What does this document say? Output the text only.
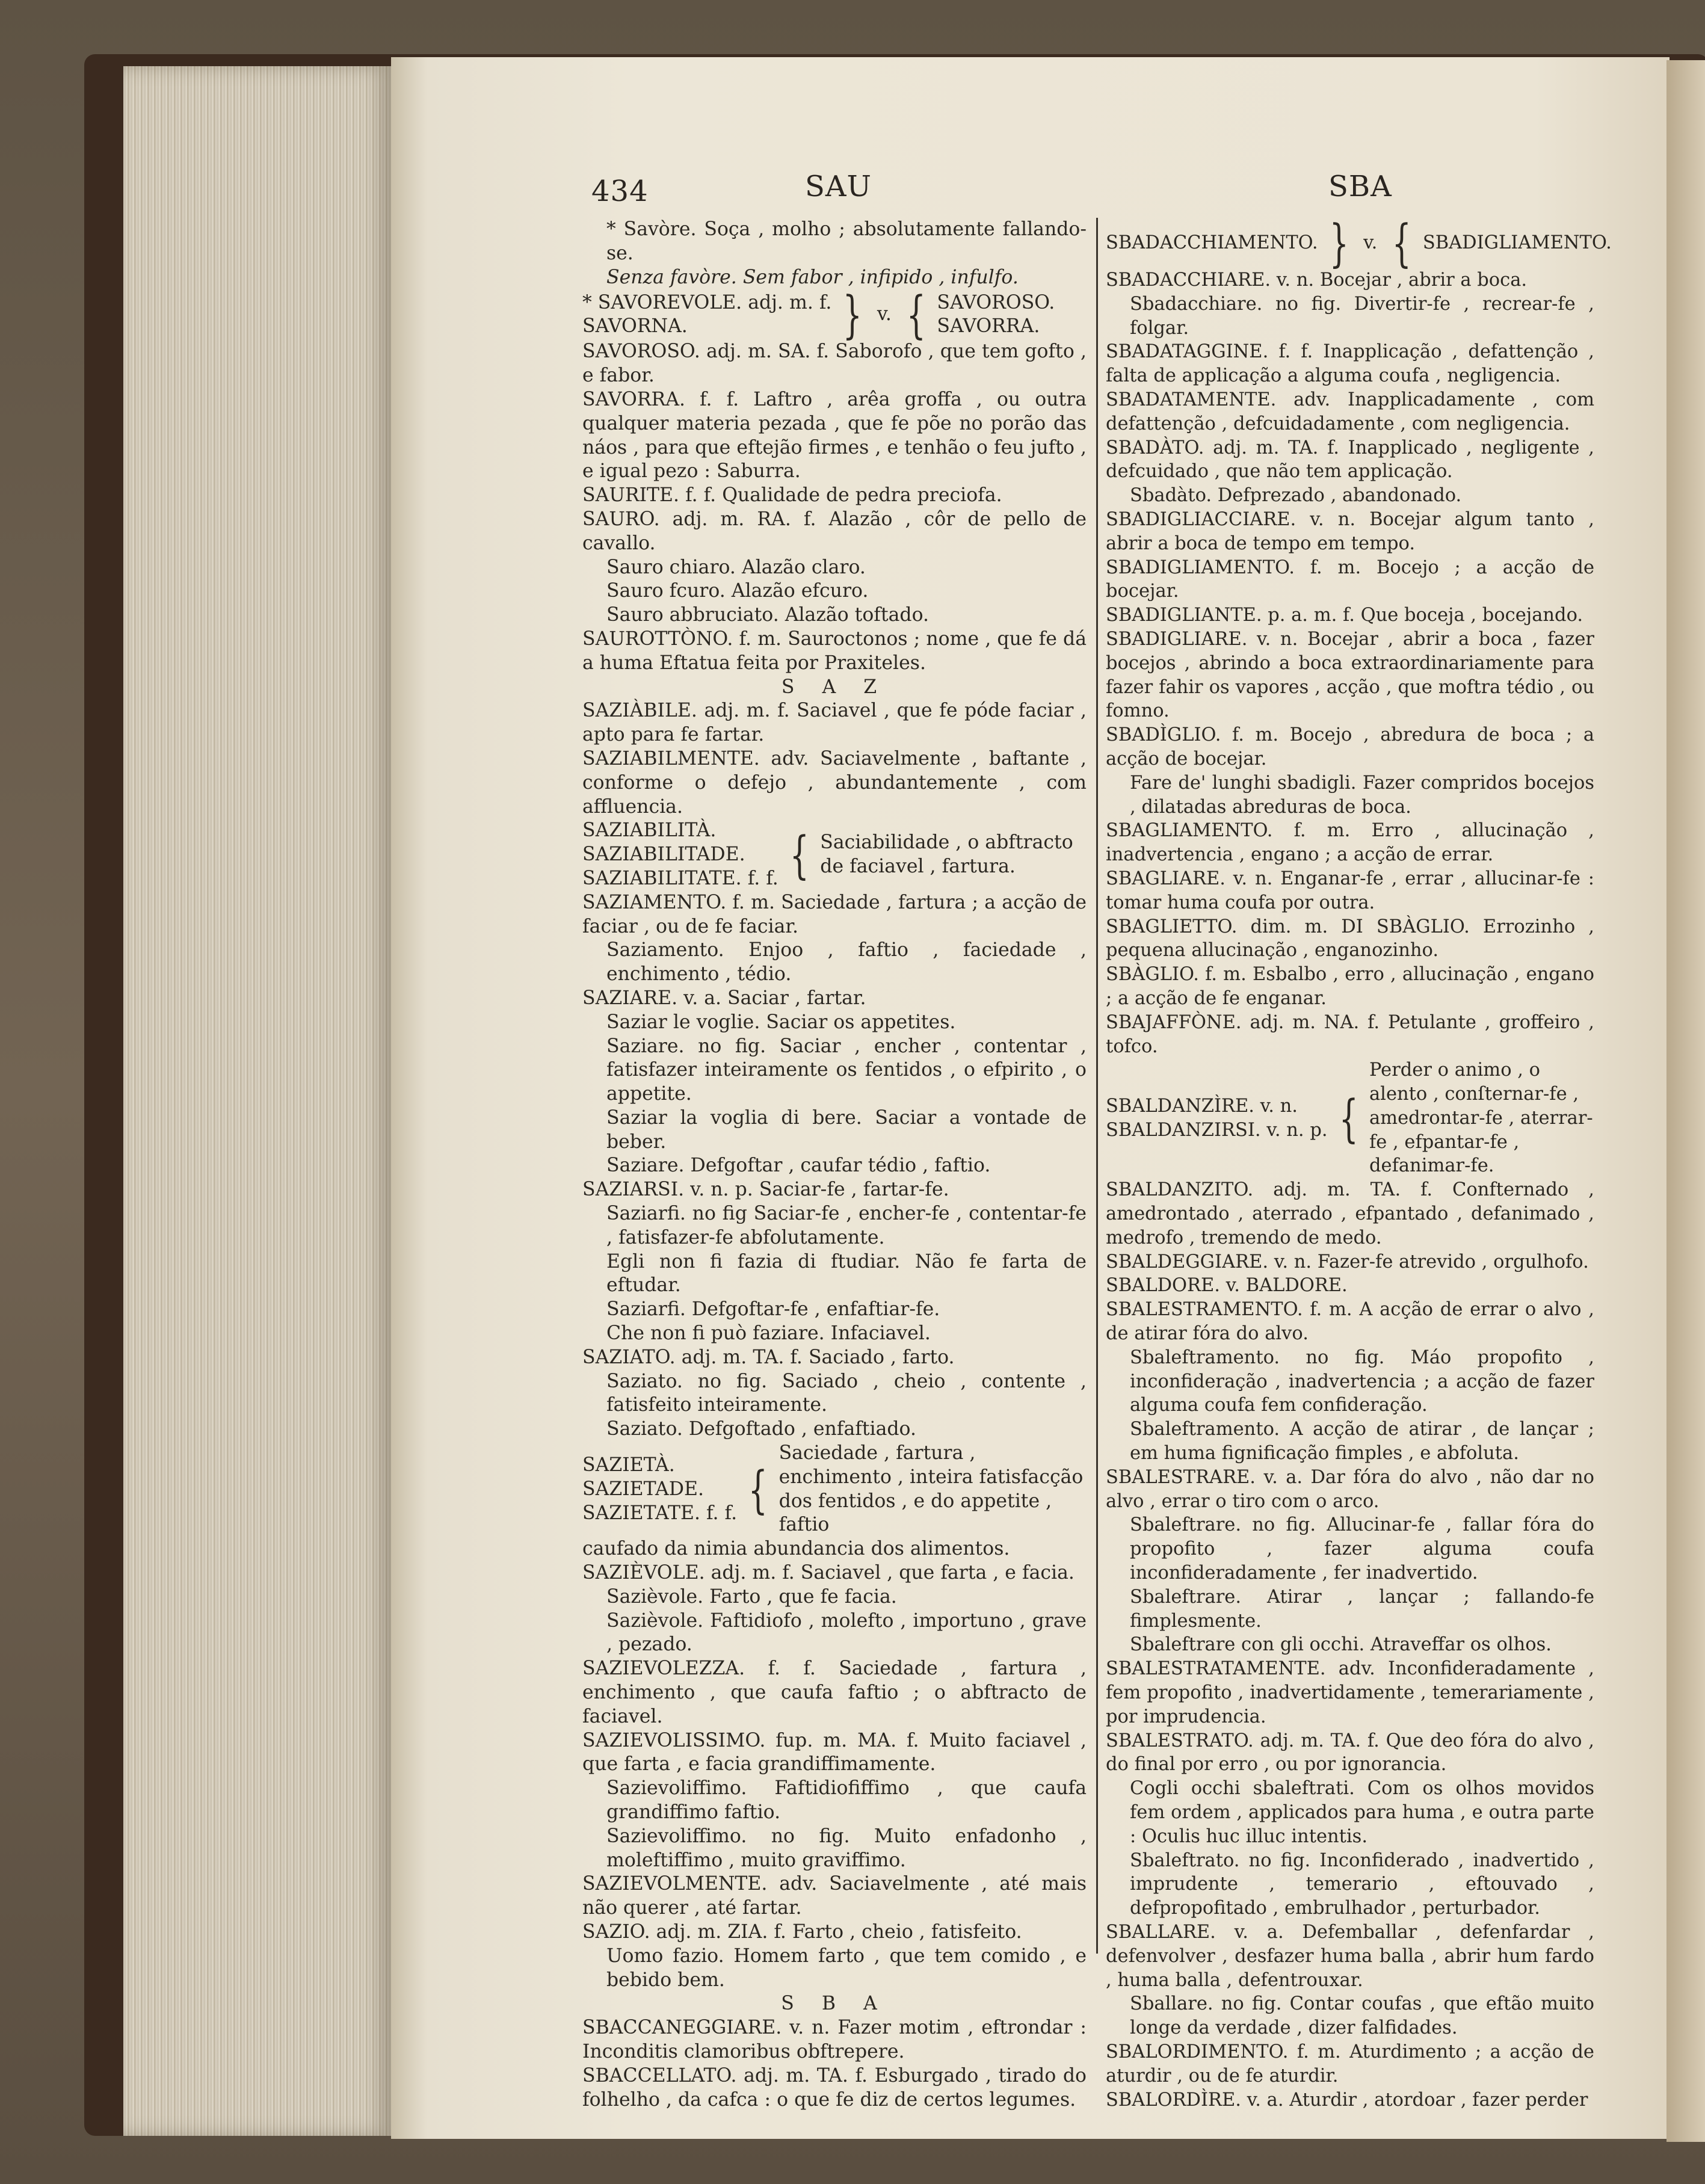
434	SAU	SBA

* Savòre. Soça , molho ; absolutamente fallando-se.

Senza favòre. Sem fabor , infipido , infulfo.

* SAVOREVOLE. adj. m. f.
SAVORNA.	} v. { SAVOROSO.
SAVORRA.

SAVOROSO. adj. m. SA. f. Saborofo , que tem gofto , e fabor.

SAVORRA. f. f. Laftro , arêa groffa , ou outra qualquer materia pezada , que fe põe no porão das náos , para que eftejão firmes , e tenhão o feu jufto , e igual pezo : Saburra.

SAURITE. f. f. Qualidade de pedra preciofa.

SAURO. adj. m. RA. f. Alazão , côr de pello de cavallo.

Sauro chiaro. Alazão claro.

Sauro fcuro. Alazão efcuro.

Sauro abbruciato. Alazão toftado.

SAUROTTÒNO. f. m. Saurοctonos ; nome , que fe dá a huma Eftatua feita por Praxiteles.

S A Z

SAZIÀBILE. adj. m. f. Saciavel , que fe póde faciar , apto para fe fartar.

SAZIABILMENTE. adv. Saciavelmente , baftante , conforme o defejo , abundantemente , com affluencia.

SAZIABILITÀ.
SAZIABILITADE.
SAZIABILITATE. f. f. { Saciabilidade , o abftracto de faciavel , fartura.

SAZIAMENTO. f. m. Saciedade , fartura ; a acção de faciar , ou de fe faciar.

Saziamento. Enjoo , faftio , faciedade , enchimento , tédio.

SAZIARE. v. a. Saciar , fartar.

Saziar le voglie. Saciar os appetites.

Saziare. no fig. Saciar , encher , contentar , fatisfazer inteiramente os fentidos , o efpirito , o appetite.

Saziar la voglia di bere. Saciar a vontade de beber.

Saziare. Defgoftar , caufar tédio , faftio.

SAZIARSI. v. n. p. Saciar-fe , fartar-fe.

Saziarfi. no fig Saciar-fe , encher-fe , contentar-fe , fatisfazer-fe abfolutamente.

Egli non fi fazia di ftudiar. Não fe farta de eftudar.

Saziarfi. Defgoftar-fe , enfaftiar-fe.

Che non fi può faziare. Infaciavel.

SAZIATO. adj. m. TA. f. Saciado , farto.

Saziato. no fig. Saciado , cheio , contente , fatisfeito inteiramente.

Saziato. Defgoftado , enfaftiado.

SAZIETÀ.
SAZIETADE.
SAZIETATE. f. f. {
Saciedade , fartura , enchimento , inteira fatisfacção dos fentidos , e do appetite , faftio

caufado da nimia abundancia dos alimentos.

SAZIÈVOLE. adj. m. f. Saciavel , que farta , e facia.

Sazièvole. Farto , que fe facia.

Sazièvole. Faftidiofo , molefto , importuno , grave , pezado.

SAZIEVOLEZZA. f. f. Saciedade , fartura , enchimento , que caufa faftio ; o abftracto de faciavel.

SAZIEVOLISSIMO. fup. m. MA. f. Muito faciavel , que farta , e facia grandiffimamente.

Sazievoliffimo. Faftidiofiffimo , que caufa grandiffimo faftio.

Sazievoliffimo. no fig. Muito enfadonho , moleftiffimo , muito graviffimo.

SAZIEVOLMENTE. adv. Saciavelmente , até mais não querer , até fartar.

SAZIO. adj. m. ZIA. f. Farto , cheio , fatisfeito.

Uomo fazio. Homem farto , que tem comido , e bebido bem.

S B A

SBACCANEGGIARE. v. n. Fazer motim , eftrondar : Inconditis clamoribus obftrepere.

SBACCELLATO. adj. m. TA. f. Esburgado , tirado do folhelho , da cafca : o que fe diz de certos legumes.

SBADACCHIAMENTO. } v. { SBADIGLIAMENTO.

SBADACCHIARE. v. n. Bocejar , abrir a boca.

Sbadacchiare. no fig. Divertir-fe , recrear-fe , folgar.

SBADATAGGINE. f. f. Inapplicação , defattenção , falta de applicação a alguma coufa , negligencia.

SBADATAMENTE. adv. Inapplicadamente , com defattenção , defcuidadamente , com negligencia.

SBADÀTO. adj. m. TA. f. Inapplicado , negligente , defcuidado , que não tem applicação.

Sbadàto. Defprezado , abandonado.

SBADIGLIACCIARE. v. n. Bocejar algum tanto , abrir a boca de tempo em tempo.

SBADIGLIAMENTO. f. m. Bocejo ; a acção de bocejar.

SBADIGLIANTE. p. a. m. f. Que boceja , bocejando.

SBADIGLIARE. v. n. Bocejar , abrir a boca , fazer bocejos , abrindo a boca extraordinariamente para fazer fahir os vapores , acção , que moftra tédio , ou fomno.

SBADÌGLIO. f. m. Bocejo , abredura de boca ; a acção de bocejar.

Fare de' lunghi sbadigli. Fazer compridos bocejos , dilatadas abreduras de boca.

SBAGLIAMENTO. f. m. Erro , allucinação , inadvertencia , engano ; a acção de errar.

SBAGLIARE. v. n. Enganar-fe , errar , allucinar-fe : tomar huma coufa por outra.

SBAGLIETTO. dim. m. DI SBÀGLIO. Errozinho , pequena allucinação , enganozinho.

SBÀGLIO. f. m. Esbalbo , erro , allucinação , engano ; a acção de fe enganar.

SBAJAFFÒNE. adj. m. NA. f. Petulante , groffeiro , tofco.

SBALDANZÌRE. v. n.
SBALDANZIRSI. v. n. p. {
Perder o animo , o alento , conſternar-fe , amedrontar-fe , aterrar-fe , efpantar-fe , defanimar-fe.

SBALDANZITO. adj. m. TA. f. Confternado , amedrontado , aterrado , efpantado , defanimado , medrofo , tremendo de medo.

SBALDEGGIARE. v. n. Fazer-fe atrevido , orgulhofo.

SBALDORE. v. BALDORE.

SBALESTRAMENTO. f. m. A acção de errar o alvo , de atirar fóra do alvo.

Sbaleftramento. no fig. Máo propofito , inconfideração , inadvertencia ; a acção de fazer alguma coufa fem confideração.

Sbaleftramento. A acção de atirar , de lançar ; em huma fignificação fimples , e abfoluta.

SBALESTRARE. v. a. Dar fóra do alvo , não dar no alvo , errar o tiro com o arco.

Sbaleftrare. no fig. Allucinar-fe , fallar fóra do propofito , fazer alguma coufa inconfideradamente , fer inadvertido.

Sbaleftrare. Atirar , lançar ; fallando-fe fimplesmente.

Sbaleftrare con gli occhi. Atraveffar os olhos.

SBALESTRATAMENTE. adv. Inconfideradamente , fem propofito , inadvertidamente , temerariamente , por imprudencia.

SBALESTRATO. adj. m. TA. f. Que deo fóra do alvo , do final por erro , ou por ignorancia.

Cogli occhi sbaleftrati. Com os olhos movidos fem ordem , applicados para huma , e outra parte : Oculis huc illuc intentis.

Sbaleftrato. no fig. Inconfiderado , inadvertido , imprudente , temerario , eftouvado , defpropofitado , embrulhador , perturbador.

SBALLARE. v. a. Defemballar , defenfardar , defenvolver , desfazer huma balla , abrir hum fardo , huma balla , defentrouxar.

Sballare. no fig. Contar coufas , que eftão muito longe da verdade , dizer falfidades.

SBALORDIMENTO. f. m. Aturdimento ; a acção de aturdir , ou de fe aturdir.

SBALORDÌRE. v. a. Aturdir , atordoar , fazer perder
